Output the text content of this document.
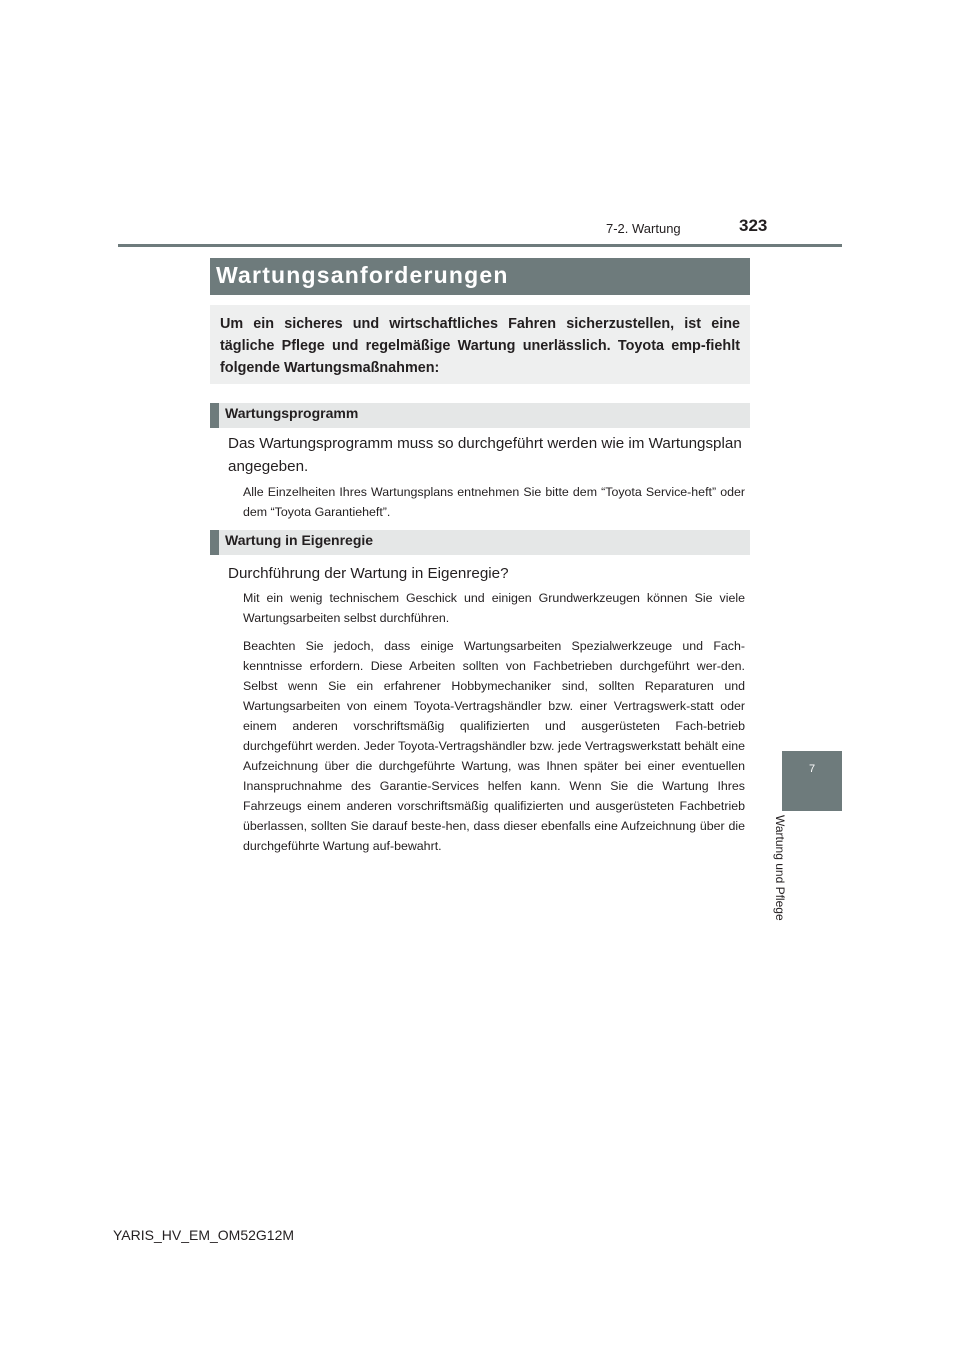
7-2. Wartung	323
7
Wartung und Pflege
Wartungsanforderungen
Um ein sicheres und wirtschaftliches Fahren sicherzustellen, ist eine tägliche Pflege und regelmäßige Wartung unerlässlich. Toyota emp-fiehlt folgende Wartungsmaßnahmen:
Wartungsprogramm
Das Wartungsprogramm muss so durchgeführt werden wie im Wartungsplan angegeben.

Alle Einzelheiten Ihres Wartungsplans entnehmen Sie bitte dem “Toyota Service-heft” oder dem “Toyota Garantieheft”.

Wartung in Eigenregie
Durchführung der Wartung in Eigenregie?

Mit ein wenig technischem Geschick und einigen Grundwerkzeugen können Sie viele Wartungsarbeiten selbst durchführen.

Beachten Sie jedoch, dass einige Wartungsarbeiten Spezialwerkzeuge und Fach-kenntnisse erfordern. Diese Arbeiten sollten von Fachbetrieben durchgeführt wer-den. Selbst wenn Sie ein erfahrener Hobbymechaniker sind, sollten Reparaturen und Wartungsarbeiten von einem Toyota-Vertragshändler bzw. einer Vertragswerk-statt oder einem anderen vorschriftsmäßig qualifizierten und ausgerüsteten Fach-betrieb durchgeführt werden. Jeder Toyota-Vertragshändler bzw. jede Vertragswerkstatt behält eine Aufzeichnung über die durchgeführte Wartung, was Ihnen später bei einer eventuellen Inanspruchnahme des Garantie-Services helfen kann. Wenn Sie die Wartung Ihres Fahrzeugs einem anderen vorschriftsmäßig qualifizierten und ausgerüsteten Fachbetrieb überlassen, sollten Sie darauf beste-hen, dass dieser ebenfalls eine Aufzeichnung über die durchgeführte Wartung auf-bewahrt.

YARIS_HV_EM_OM52G12M
